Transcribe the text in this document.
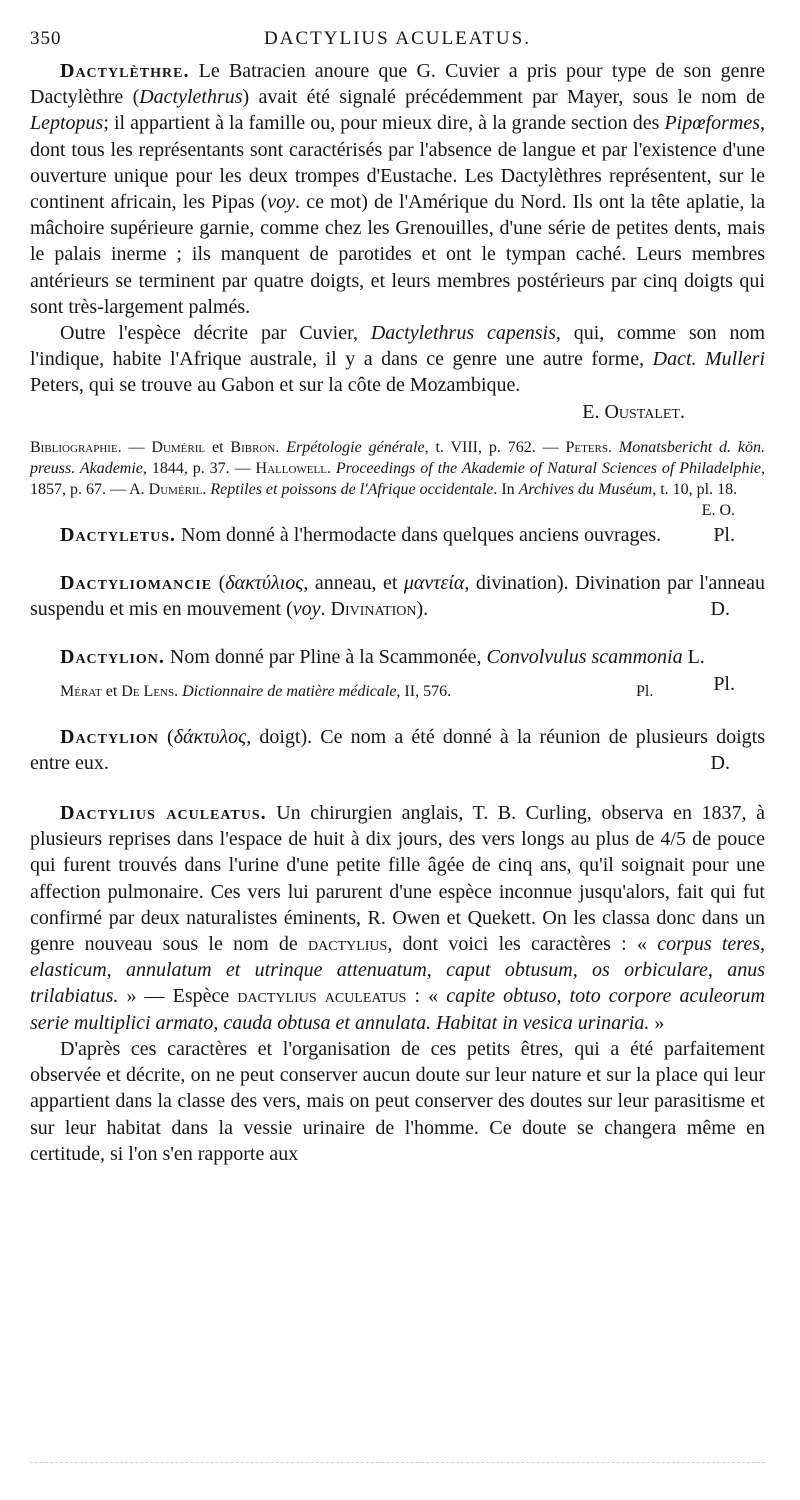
350	DACTYLIUS ACULEATUS.

Dactylèthre. Le Batracien anoure que G. Cuvier a pris pour type de son genre Dactylèthre (Dactylethrus) avait été signalé précédemment par Mayer, sous le nom de Leptopus; il appartient à la famille ou, pour mieux dire, à la grande section des Pipœformes, dont tous les représentants sont caractérisés par l'absence de langue et par l'existence d'une ouverture unique pour les deux trompes d'Eustache. Les Dactylèthres représentent, sur le continent africain, les Pipas (voy. ce mot) de l'Amérique du Nord. Ils ont la tête aplatie, la mâchoire supérieure garnie, comme chez les Grenouilles, d'une série de petites dents, mais le palais inerme ; ils manquent de parotides et ont le tympan caché. Leurs membres antérieurs se terminent par quatre doigts, et leurs membres postérieurs par cinq doigts qui sont très-largement palmés.

Outre l'espèce décrite par Cuvier, Dactylethrus capensis, qui, comme son nom l'indique, habite l'Afrique australe, il y a dans ce genre une autre forme, Dact. Mulleri Peters, qui se trouve au Gabon et sur la côte de Mozambique.

E. Oustalet.

Bibliographie. — Duméril et Bibron. Erpétologie générale, t. VIII, p. 762. — Peters. Monatsbericht d. kön. preuss. Akademie, 1844, p. 37. — Hallowell. Proceedings of the Akademie of Natural Sciences of Philadelphie, 1857, p. 67. — A. Duméril. Reptiles et poissons de l'Afrique occidentale. In Archives du Muséum, t. 10, pl. 18.
E. O.

Dactyletus. Nom donné à l'hermodacte dans quelques anciens ouvrages.	Pl.

Dactyliomancie (δακτύλιος, anneau, et μαντεία, divination). Divination par l'anneau suspendu et mis en mouvement (voy. Divination).	D.

Dactylion. Nom donné par Pline à la Scammonée, Convolvulus scammonia L.
Pl.

Mérat et De Lens. Dictionnaire de matière médicale, II, 576.	Pl.

Dactylion (δάκτυλος, doigt). Ce nom a été donné à la réunion de plusieurs doigts entre eux.	D.

Dactylius aculeatus. Un chirurgien anglais, T. B. Curling, observa en 1837, à plusieurs reprises dans l'espace de huit à dix jours, des vers longs au plus de 4/5 de pouce qui furent trouvés dans l'urine d'une petite fille âgée de cinq ans, qu'il soignait pour une affection pulmonaire. Ces vers lui parurent d'une espèce inconnue jusqu'alors, fait qui fut confirmé par deux naturalistes éminents, R. Owen et Quekett. On les classa donc dans un genre nouveau sous le nom de dactylius, dont voici les caractères : « corpus teres, elasticum, annulatum et utrinque attenuatum, caput obtusum, os orbiculare, anus trilabiatus. » — Espèce dactylius aculeatus : « capite obtuso, toto corpore aculeorum serie multiplici armato, cauda obtusa et annulata. Habitat in vesica urinaria. »

D'après ces caractères et l'organisation de ces petits êtres, qui a été parfaitement observée et décrite, on ne peut conserver aucun doute sur leur nature et sur la place qui leur appartient dans la classe des vers, mais on peut conserver des doutes sur leur parasitisme et sur leur habitat dans la vessie urinaire de l'homme. Ce doute se changera même en certitude, si l'on s'en rapporte aux
